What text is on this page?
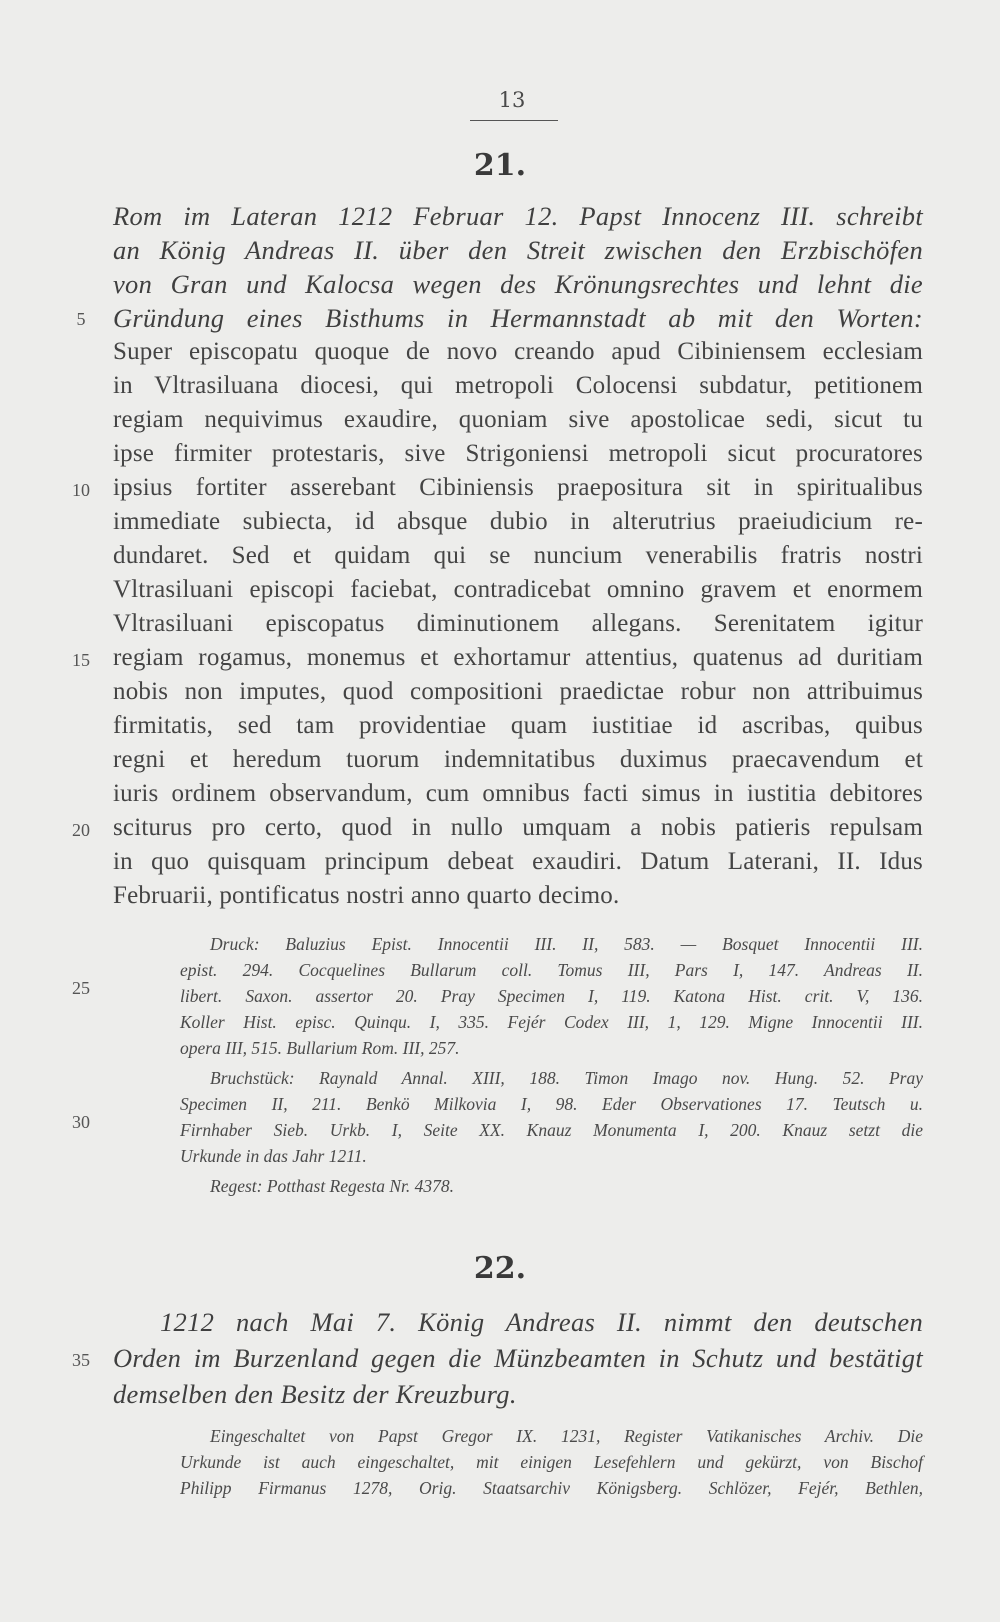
13
21.
Rom im Lateran 1212 Februar 12. Papst Innocenz III. schreibt
an König Andreas II. über den Streit zwischen den Erzbischöfen
von Gran und Kalocsa wegen des Krönungsrechtes und lehnt die
Gründung eines Bisthums in Hermannstadt ab mit den Worten:
Super episcopatu quoque de novo creando apud Cibiniensem ecclesiam
in Vltrasiluana diocesi, qui metropoli Colocensi subdatur, petitionem
regiam nequivimus exaudire, quoniam sive apostolicae sedi, sicut tu
ipse firmiter protestaris, sive Strigoniensi metropoli sicut procuratores
ipsius fortiter asserebant Cibiniensis praepositura sit in spiritualibus
immediate subiecta, id absque dubio in alterutrius praeiudicium re-
dundaret. Sed et quidam qui se nuncium venerabilis fratris nostri
Vltrasiluani episcopi faciebat, contradicebat omnino gravem et enormem
Vltrasiluani episcopatus diminutionem allegans. Serenitatem igitur
regiam rogamus, monemus et exhortamur attentius, quatenus ad duritiam
nobis non imputes, quod compositioni praedictae robur non attribuimus
firmitatis, sed tam providentiae quam iustitiae id ascribas, quibus
regni et heredum tuorum indemnitatibus duximus praecavendum et
iuris ordinem observandum, cum omnibus facti simus in iustitia debitores
sciturus pro certo, quod in nullo umquam a nobis patieris repulsam
in quo quisquam principum debeat exaudiri. Datum Laterani, II. Idus
Februarii, pontificatus nostri anno quarto decimo.
Druck: Baluzius Epist. Innocentii III. II, 583. — Bosquet Innocentii III.
epist. 294. Cocquelines Bullarum coll. Tomus III, Pars I, 147. Andreas II.
libert. Saxon. assertor 20. Pray Specimen I, 119. Katona Hist. crit. V, 136.
Koller Hist. episc. Quinqu. I, 335. Fejér Codex III, 1, 129. Migne Innocentii III.
opera III, 515. Bullarium Rom. III, 257.
Bruchstück: Raynald Annal. XIII, 188. Timon Imago nov. Hung. 52. Pray
Specimen II, 211. Benkö Milkovia I, 98. Eder Observationes 17. Teutsch u.
Firnhaber Sieb. Urkb. I, Seite XX. Knauz Monumenta I, 200. Knauz setzt die
Urkunde in das Jahr 1211.
Regest: Potthast Regesta Nr. 4378.
22.
1212 nach Mai 7. König Andreas II. nimmt den deutschen
Orden im Burzenland gegen die Münzbeamten in Schutz und bestätigt
demselben den Besitz der Kreuzburg.
Eingeschaltet von Papst Gregor IX. 1231, Register Vatikanisches Archiv. Die
Urkunde ist auch eingeschaltet, mit einigen Lesefehlern und gekürzt, von Bischof
Philipp Firmanus 1278, Orig. Staatsarchiv Königsberg. Schlözer, Fejér, Bethlen,
5
10
15
20
25
30
35
